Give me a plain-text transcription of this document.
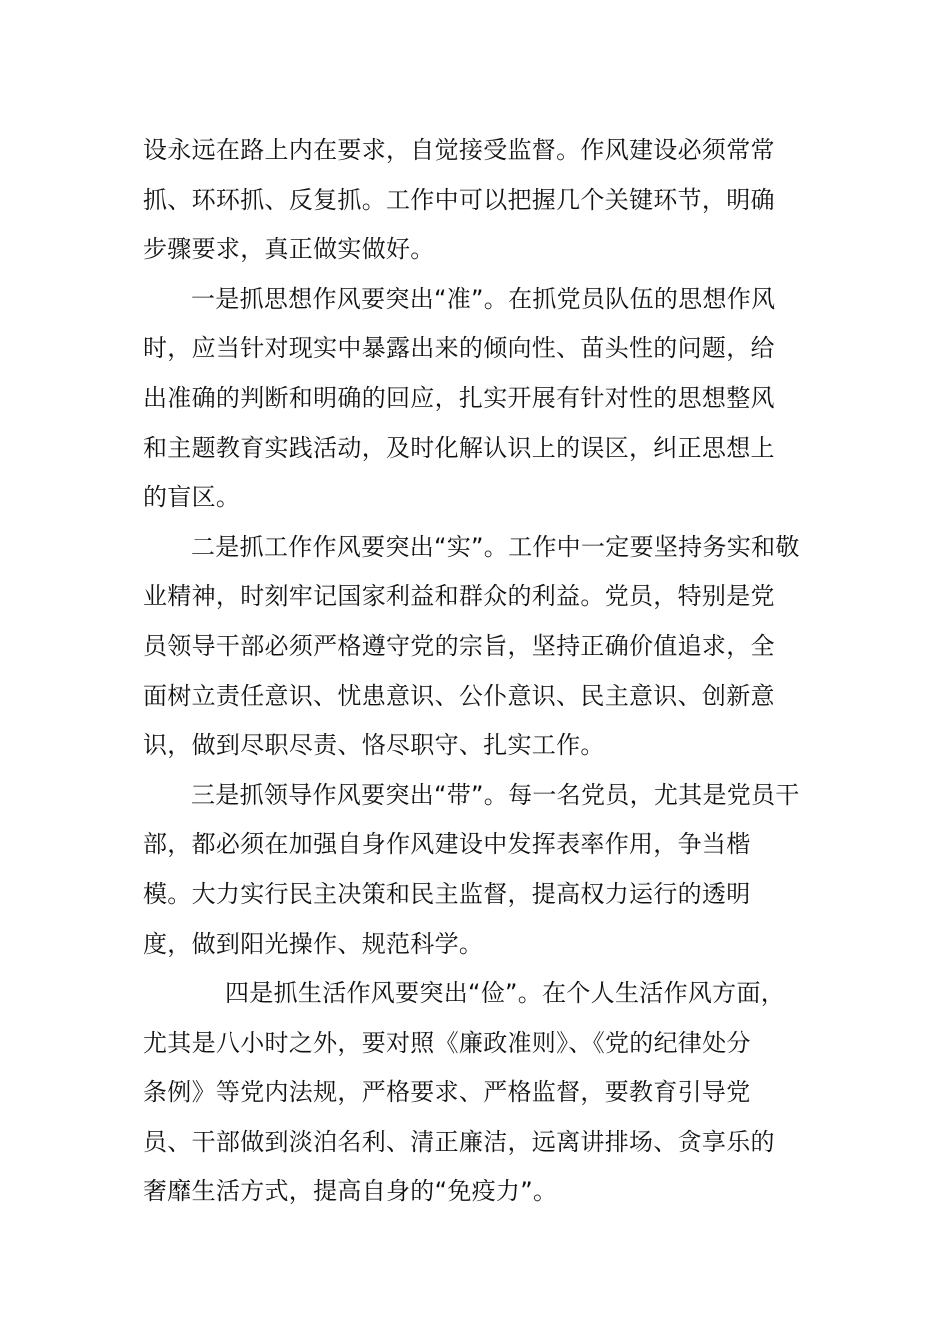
设永远在路上内在要求，自觉接受监督。作风建设必须常常
抓、环环抓、反复抓。工作中可以把握几个关键环节，明确
步骤要求，真正做实做好。
一是抓思想作风要突出“准”。在抓党员队伍的思想作风
时，应当针对现实中暴露出来的倾向性、苗头性的问题，给
出准确的判断和明确的回应，扎实开展有针对性的思想整风
和主题教育实践活动，及时化解认识上的误区，纠正思想上
的盲区。
二是抓工作作风要突出“实”。工作中一定要坚持务实和敬
业精神，时刻牢记国家利益和群众的利益。党员，特别是党
员领导干部必须严格遵守党的宗旨，坚持正确价值追求，全
面树立责任意识、忧患意识、公仆意识、民主意识、创新意
识，做到尽职尽责、恪尽职守、扎实工作。
三是抓领导作风要突出“带”。每一名党员，尤其是党员干
部，都必须在加强自身作风建设中发挥表率作用，争当楷
模。大力实行民主决策和民主监督，提高权力运行的透明
度，做到阳光操作、规范科学。
四是抓生活作风要突出“俭”。在个人生活作风方面，
尤其是八小时之外，要对照《廉政准则》、《党的纪律处分
条例》等党内法规，严格要求、严格监督，要教育引导党
员、干部做到淡泊名利、清正廉洁，远离讲排场、贪享乐的
奢靡生活方式，提高自身的“免疫力”。
